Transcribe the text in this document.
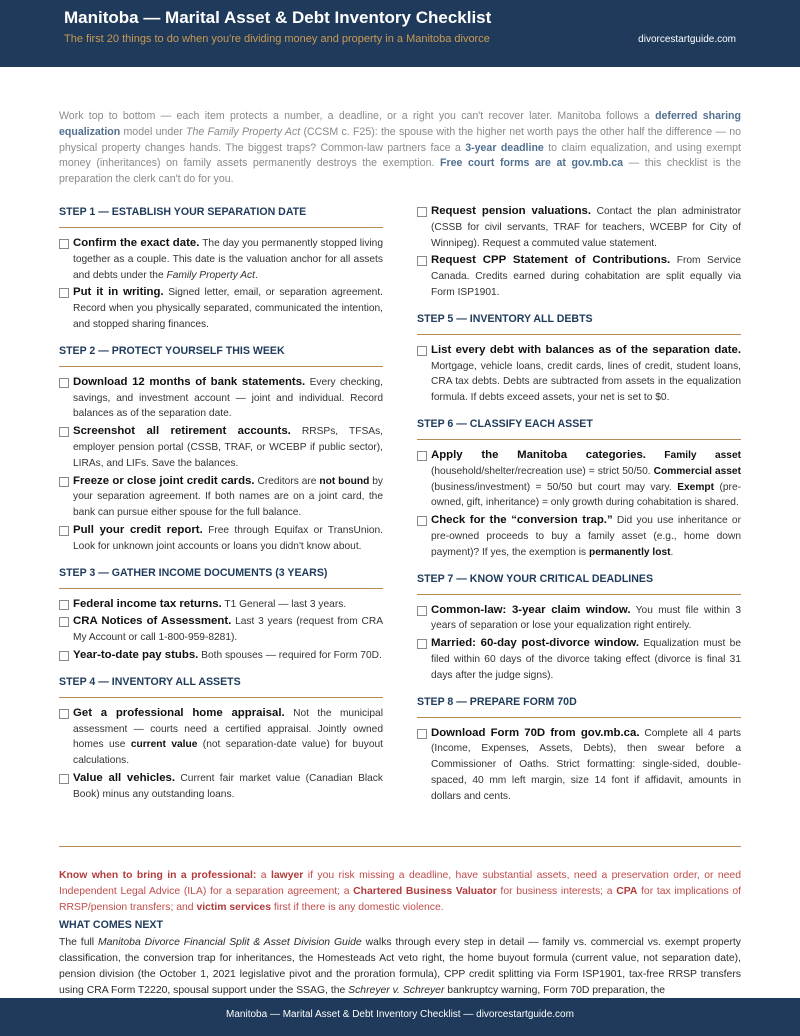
Manitoba — Marital Asset & Debt Inventory Checklist
The first 20 things to do when you're dividing money and property in a Manitoba divorce	divorcestartguide.com
Work top to bottom — each item protects a number, a deadline, or a right you can't recover later. Manitoba follows a deferred sharing equalization model under The Family Property Act (CCSM c. F25): the spouse with the higher net worth pays the other half the difference — no physical property changes hands. The biggest traps? Common-law partners face a 3-year deadline to claim equalization, and using exempt money (inheritances) on family assets permanently destroys the exemption. Free court forms are at gov.mb.ca — this checklist is the preparation the clerk can't do for you.
STEP 1 — ESTABLISH YOUR SEPARATION DATE
Confirm the exact date. The day you permanently stopped living together as a couple. This date is the valuation anchor for all assets and debts under the Family Property Act.
Put it in writing. Signed letter, email, or separation agreement. Record when you physically separated, communicated the intention, and stopped sharing finances.
STEP 2 — PROTECT YOURSELF THIS WEEK
Download 12 months of bank statements. Every checking, savings, and investment account — joint and individual. Record balances as of the separation date.
Screenshot all retirement accounts. RRSPs, TFSAs, employer pension portal (CSSB, TRAF, or WCEBP if public sector), LIRAs, and LIFs. Save the balances.
Freeze or close joint credit cards. Creditors are not bound by your separation agreement. If both names are on a joint card, the bank can pursue either spouse for the full balance.
Pull your credit report. Free through Equifax or TransUnion. Look for unknown joint accounts or loans you didn't know about.
STEP 3 — GATHER INCOME DOCUMENTS (3 YEARS)
Federal income tax returns. T1 General — last 3 years.
CRA Notices of Assessment. Last 3 years (request from CRA My Account or call 1-800-959-8281).
Year-to-date pay stubs. Both spouses — required for Form 70D.
STEP 4 — INVENTORY ALL ASSETS
Get a professional home appraisal. Not the municipal assessment — courts need a certified appraisal. Jointly owned homes use current value (not separation-date value) for buyout calculations.
Value all vehicles. Current fair market value (Canadian Black Book) minus any outstanding loans.
Request pension valuations. Contact the plan administrator (CSSB for civil servants, TRAF for teachers, WCEBP for City of Winnipeg). Request a commuted value statement.
Request CPP Statement of Contributions. From Service Canada. Credits earned during cohabitation are split equally via Form ISP1901.
STEP 5 — INVENTORY ALL DEBTS
List every debt with balances as of the separation date. Mortgage, vehicle loans, credit cards, lines of credit, student loans, CRA tax debts. Debts are subtracted from assets in the equalization formula. If debts exceed assets, your net is set to $0.
STEP 6 — CLASSIFY EACH ASSET
Apply the Manitoba categories. Family asset (household/shelter/recreation use) = strict 50/50. Commercial asset (business/investment) = 50/50 but court may vary. Exempt (pre-owned, gift, inheritance) = only growth during cohabitation is shared.
Check for the “conversion trap.” Did you use inheritance or pre-owned proceeds to buy a family asset (e.g., home down payment)? If yes, the exemption is permanently lost.
STEP 7 — KNOW YOUR CRITICAL DEADLINES
Common-law: 3-year claim window. You must file within 3 years of separation or lose your equalization right entirely.
Married: 60-day post-divorce window. Equalization must be filed within 60 days of the divorce taking effect (divorce is final 31 days after the judge signs).
STEP 8 — PREPARE FORM 70D
Download Form 70D from gov.mb.ca. Complete all 4 parts (Income, Expenses, Assets, Debts), then swear before a Commissioner of Oaths. Strict formatting: single-sided, double-spaced, 40 mm left margin, size 14 font if affidavit, amounts in dollars and cents.
Know when to bring in a professional: a lawyer if you risk missing a deadline, have substantial assets, need a preservation order, or need Independent Legal Advice (ILA) for a separation agreement; a Chartered Business Valuator for business interests; a CPA for tax implications of RRSP/pension transfers; and victim services first if there is any domestic violence.
WHAT COMES NEXT
The full Manitoba Divorce Financial Split & Asset Division Guide walks through every step in detail — family vs. commercial vs. exempt property classification, the conversion trap for inheritances, the Homesteads Act veto right, the home buyout formula (current value, not separation date), pension division (the October 1, 2021 legislative pivot and the proration formula), CPP credit splitting via Form ISP1901, tax-free RRSP transfers using CRA Form T2220, spousal support under the SSAG, the Schreyer v. Schreyer bankruptcy warning, Form 70D preparation, the
Manitoba — Marital Asset & Debt Inventory Checklist — divorcestartguide.com
